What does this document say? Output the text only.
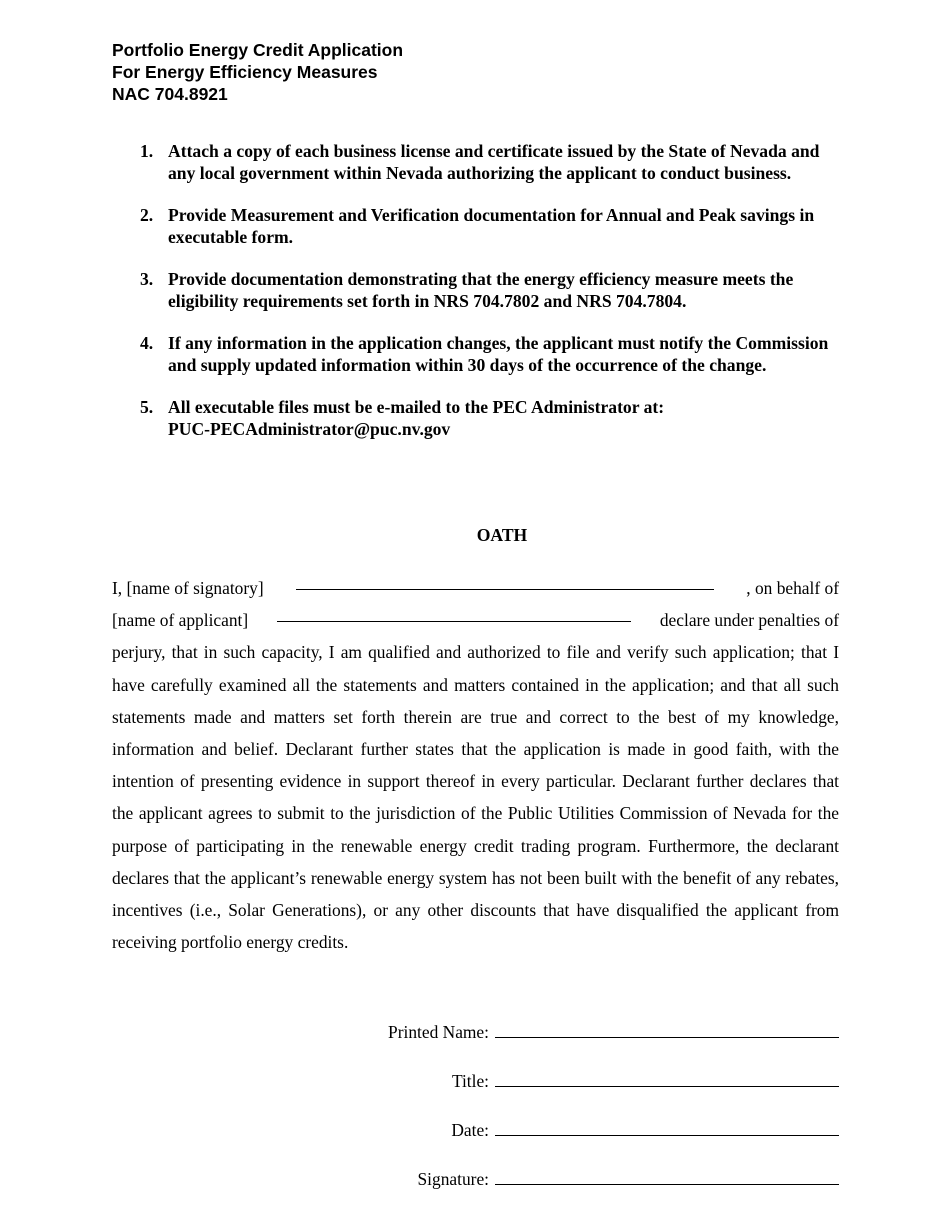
Portfolio Energy Credit Application
For Energy Efficiency Measures
NAC 704.8921
1. Attach a copy of each business license and certificate issued by the State of Nevada and any local government within Nevada authorizing the applicant to conduct business.
2. Provide Measurement and Verification documentation for Annual and Peak savings in executable form.
3. Provide documentation demonstrating that the energy efficiency measure meets the eligibility requirements set forth in NRS 704.7802 and NRS 704.7804.
4. If any information in the application changes, the applicant must notify the Commission and supply updated information within 30 days of the occurrence of the change.
5. All executable files must be e-mailed to the PEC Administrator at:
PUC-PECAdministrator@puc.nv.gov
OATH
I, [name of signatory]	, on behalf of
[name of applicant]	declare under penalties of
perjury, that in such capacity, I am qualified and authorized to file and verify such application; that I have carefully examined all the statements and matters contained in the application; and that all such statements made and matters set forth therein are true and correct to the best of my knowledge, information and belief. Declarant further states that the application is made in good faith, with the intention of presenting evidence in support thereof in every particular. Declarant further declares that the applicant agrees to submit to the jurisdiction of the Public Utilities Commission of Nevada for the purpose of participating in the renewable energy credit trading program. Furthermore, the declarant declares that the applicant’s renewable energy system has not been built with the benefit of any rebates, incentives (i.e., Solar Generations), or any other discounts that have disqualified the applicant from receiving portfolio energy credits.
Printed Name:
Title:
Date:
Signature:
